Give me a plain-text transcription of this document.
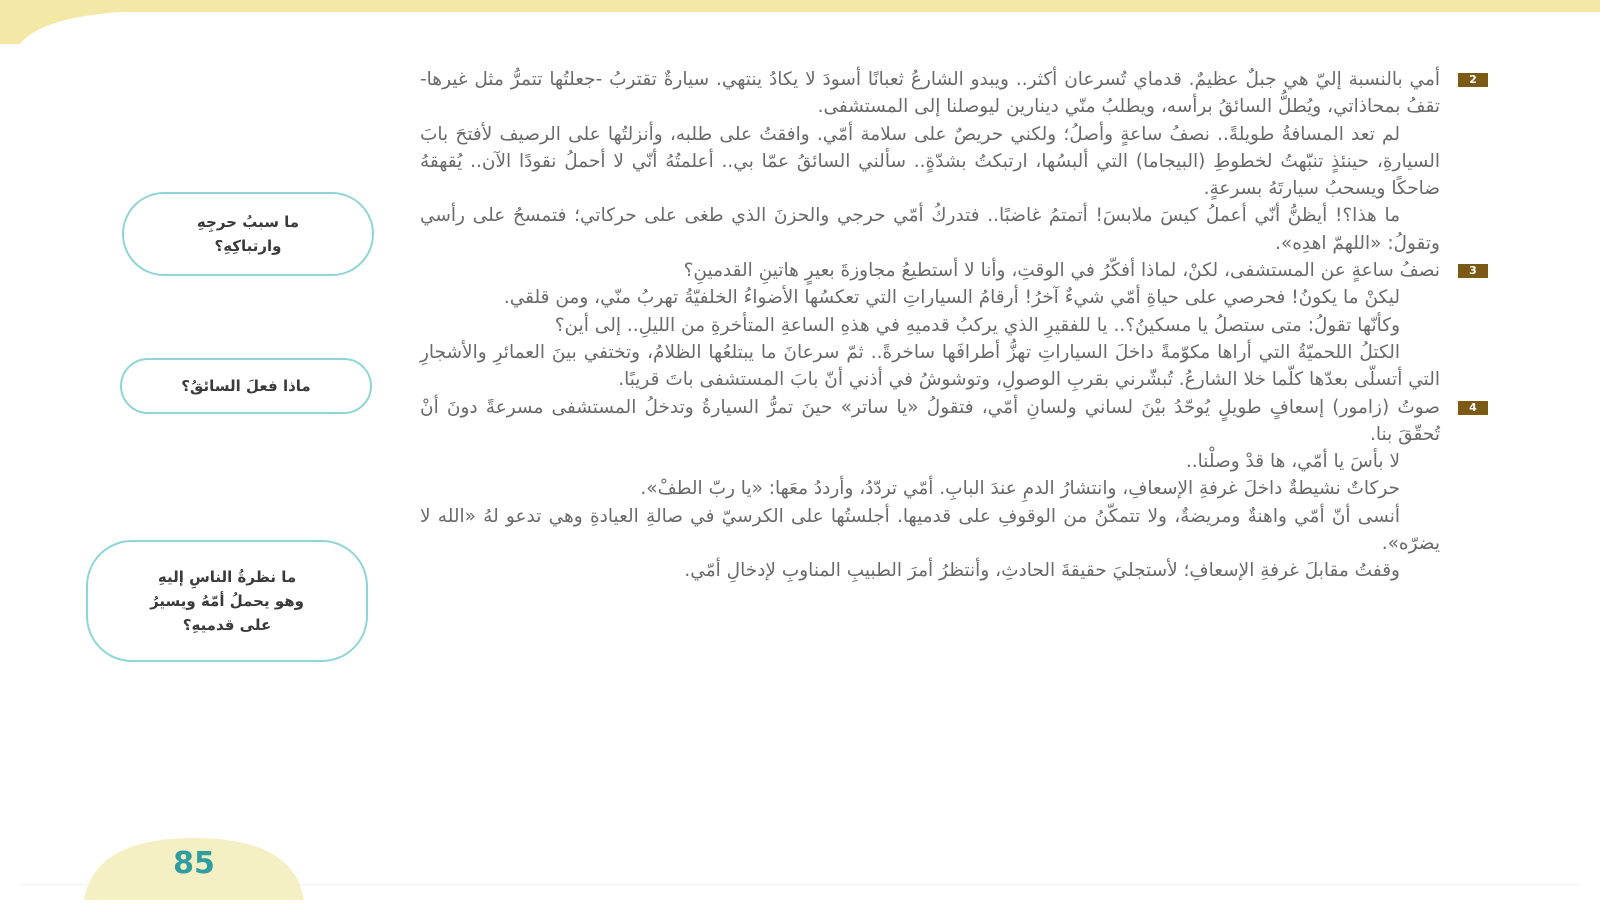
2
أمي بالنسبة إليّ هي جبلٌ عظيمٌ. قدماي تُسرعان أكثر.. ويبدو الشارعُ ثعبانًا أسودَ لا يكادُ ينتهي. سيارةٌ تقتربُ -جعلتُها تتمرُّ مثل غيرها- تقفُ بمحاذاتي، ويُطلُّ السائقُ برأسه، ويطلبُ منّي دينارين ليوصلنا إلى المستشفى.

لم تعد المسافةُ طويلةً.. نصفُ ساعةٍ وأصلُ؛ ولكني حريصٌ على سلامة أمّي. وافقتُ على طلبه، وأنزلتُها على الرصيف لأفتحَ بابَ السيارةِ، حينئذٍ تنبّهتُ لخطوطِ (البيجاما) التي ألبسُها، ارتبكتُ بشدّةٍ.. سألني السائقُ عمّا بي.. أعلمتُهُ أنّي لا أحملُ نقودًا الآن.. يُقهقهُ ضاحكًا ويسحبُ سيارتَهُ بسرعةٍ.

ما هذا؟! أيظنُّ أنّي أعملُ كيسَ ملابسَ! أتمتمُ غاضبًا.. فتدركُ أمّي حرجي والحزنَ الذي طغى على حركاتي؛ فتمسحُ على رأسي وتقولُ: «اللهمّ اهدِه».

3
نصفُ ساعةٍ عن المستشفى، لكنْ، لماذا أفكّرُ في الوقتِ، وأنا لا أستطيعُ مجاوزةَ بعيرٍ هاتينِ القدمينِ؟

ليكنْ ما يكونُ! فحرصي على حياةِ أمّي شيءٌ آخرُ! أرقامُ السياراتِ التي تعكسُها الأضواءُ الخلفيّةُ تهربُ منّي، ومن قلقي.

وكأنّها تقولُ: متى ستصلُ يا مسكينُ؟.. يا للفقيرِ الذي يركبُ قدميهِ في هذهِ الساعةِ المتأخرةِ من الليلِ.. إلى أين؟

الكتلُ اللحميّةُ التي أراها مكوّمةً داخلَ السياراتِ تهزُّ أطرافَها ساخرةً.. ثمّ سرعانَ ما يبتلعُها الظلامُ، وتختفي بينَ العمائرِ والأشجارِ التي أتسلّى بعدّها كلّما خلا الشارعُ. تُبشّرني بقربِ الوصولِ، وتوشوشُ في أذني أنّ بابَ المستشفى باتَ قريبًا.

4
صوتُ (زامور) إسعافٍ طويلٍ يُوحّدُ بيْنَ لساني ولسانِ أمّي، فتقولُ «يا ساتر» حينَ تمرُّ السيارةُ وتدخلُ المستشفى مسرعةً دونَ أنْ تُحقّقَ بنا.

لا بأسَ يا أمّي، ها قدْ وصلْنا..

حركاتٌ نشيطةٌ داخلَ غرفةِ الإسعافِ، وانتشارُ الدمِ عندَ البابِ. أمّي تردّدُ، وأرددُ معَها: «يا ربّ الطفْ».

أنسى أنّ أمّي واهنةٌ ومريضةٌ، ولا تتمكّنُ من الوقوفِ على قدميها. أجلستُها على الكرسيّ في صالةِ العيادةِ وهي تدعو لهُ «الله لا يضرّه».

وقفتُ مقابلَ غرفةِ الإسعافِ؛ لأستجليَ حقيقةَ الحادثِ، وأنتظرُ أمرَ الطبيبِ المناوبِ لإدخالِ أمّي.

ما سببُ حرجِهِ
وارتباكِهِ؟
ماذا فعلَ السائقُ؟
ما نظرةُ الناسِ إليهِ
وهو يحملُ أمّهُ ويسيرُ
على قدميهِ؟
85
